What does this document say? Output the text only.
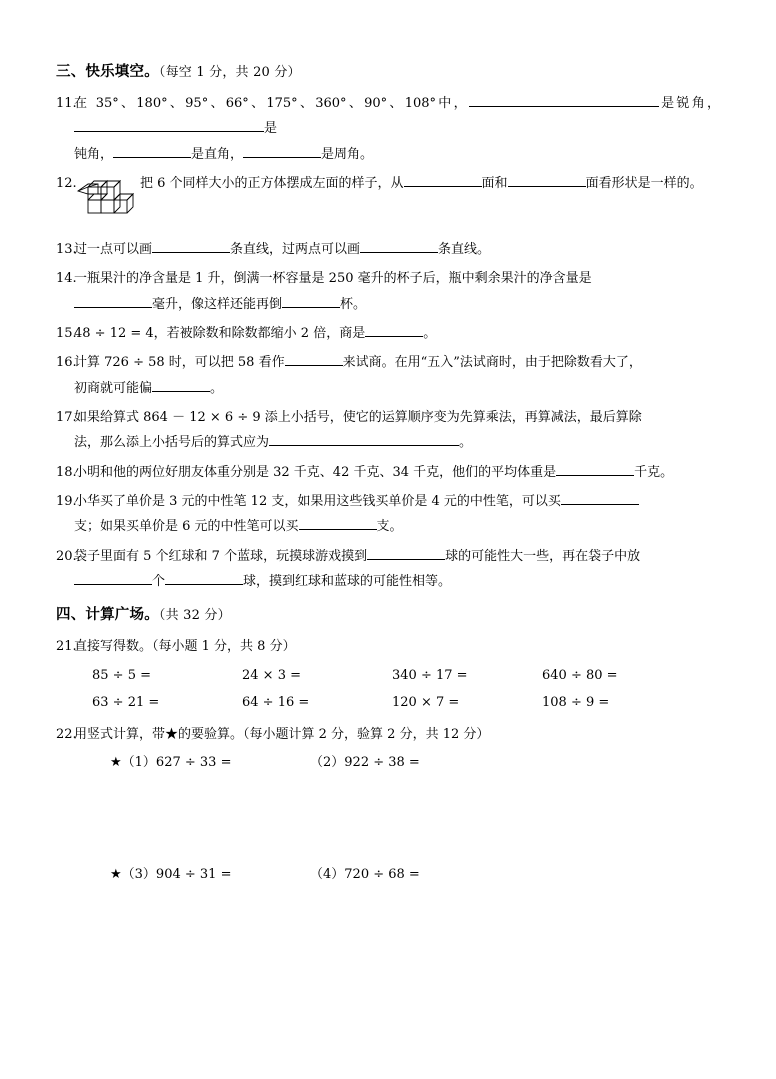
三、快乐填空。（每空 1 分，共 20 分）
11.
在 35°、180°、95°、66°、175°、360°、90°、108°中，	是锐角，是
钝角，	是直角，	是周角。
12.	把 6 个同样大小的正方体摆成左面的样子，从	面和	面看形状是一样的。
13.
过一点可以画	条直线，过两点可以画	条直线。
14.
一瓶果汁的净含量是 1 升，倒满一杯容量是 250 毫升的杯子后，瓶中剩余果汁的净含量是
毫升，像这样还能再倒	杯。
15.
48 ÷ 12 = 4，若被除数和除数都缩小 2 倍，商是	。
16.
计算 726 ÷ 58 时，可以把 58 看作	来试商。在用“五入”法试商时，由于把除数看大了，
初商就可能偏	。
17.
如果给算式 864 － 12 × 6 ÷ 9 添上小括号，使它的运算顺序变为先算乘法，再算减法，最后算除
法，那么添上小括号后的算式应为	。
18.
小明和他的两位好朋友体重分别是 32 千克、42 千克、34 千克，他们的平均体重是	千克。
19.
小华买了单价是 3 元的中性笔 12 支，如果用这些钱买单价是 4 元的中性笔，可以买
支；如果买单价是 6 元的中性笔可以买	支。
20.
袋子里面有 5 个红球和 7 个蓝球，玩摸球游戏摸到	球的可能性大一些，再在袋子中放
个	球，摸到红球和蓝球的可能性相等。
四、计算广场。（共 32 分）
21.
直接写得数。（每小题 1 分，共 8 分）
85 ÷ 5 =	24 × 3 =	340 ÷ 17 =	640 ÷ 80 =
63 ÷ 21 =	64 ÷ 16 =	120 × 7 =	108 ÷ 9 =
22.
用竖式计算，带★的要验算。（每小题计算 2 分，验算 2 分，共 12 分）
★（1）627 ÷ 33 =	（2）922 ÷ 38 =
★（3）904 ÷ 31 =	（4）720 ÷ 68 =
